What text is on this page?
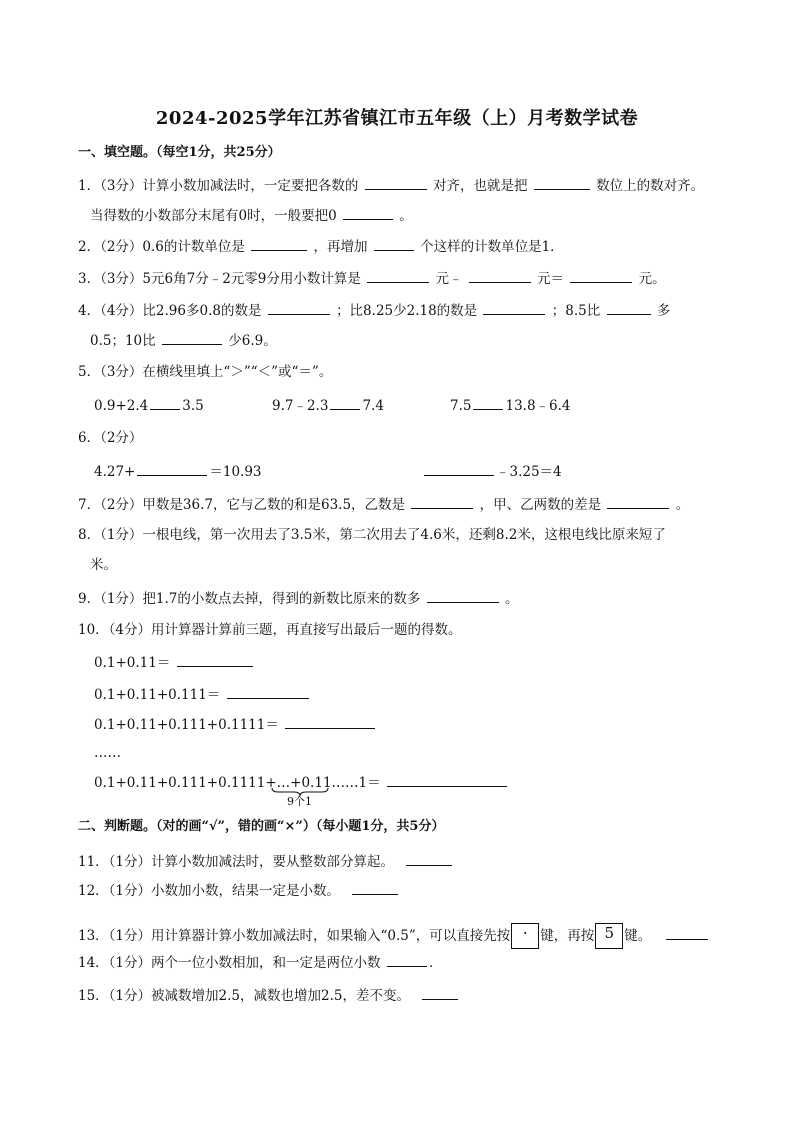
2024-2025学年江苏省镇江市五年级（上）月考数学试卷
一、填空题。（每空1分，共25分）
1．（3分）计算小数加减法时，一定要把各数的	对齐，也就是把	数位上的数对齐。
当得数的小数部分末尾有0时，一般要把0	。
2．（2分）0.6的计数单位是	，再增加	个这样的计数单位是1．
3．（3分）5元6角7分﹣2元零9分用小数计算是	元﹣	元＝	元。
4．（4分）比2.96多0.8的数是	；比8.25少2.18的数是	；8.5比	多
0.5；10比	少6.9。
5．（3分）在横线里填上“＞”“＜”或“＝”。
0.9+2.4	3.5	9.7﹣2.3	7.4	7.5	13.8﹣6.4
6．（2分）
4.27+	＝10.93	﹣3.25＝4
7．（2分）甲数是36.7，它与乙数的和是63.5，乙数是	，甲、乙两数的差是	。
8．（1分）一根电线，第一次用去了3.5米，第二次用去了4.6米，还剩8.2米，这根电线比原来短了
米。
9．（1分）把1.7的小数点去掉，得到的新数比原来的数多	。
10．（4分）用计算器计算前三题，再直接写出最后一题的得数。
0.1+0.11＝
0.1+0.11+0.111＝
0.1+0.11+0.111+0.1111＝
……
0.1+0.11+0.111+0.1111+…+0.11……1＝
9个1
二、判断题。（对的画“√”，错的画“×”）（每小题1分，共5分）
11．（1分）计算小数加减法时，要从整数部分算起。
12．（1分）小数加小数，结果一定是小数。
13．（1分）用计算器计算小数加减法时，如果输入“0.5”，可以直接先按 · 键，再按 5 键。
14．（1分）两个一位小数相加，和一定是两位小数	．
15．（1分）被减数增加2.5，减数也增加2.5，差不变。
